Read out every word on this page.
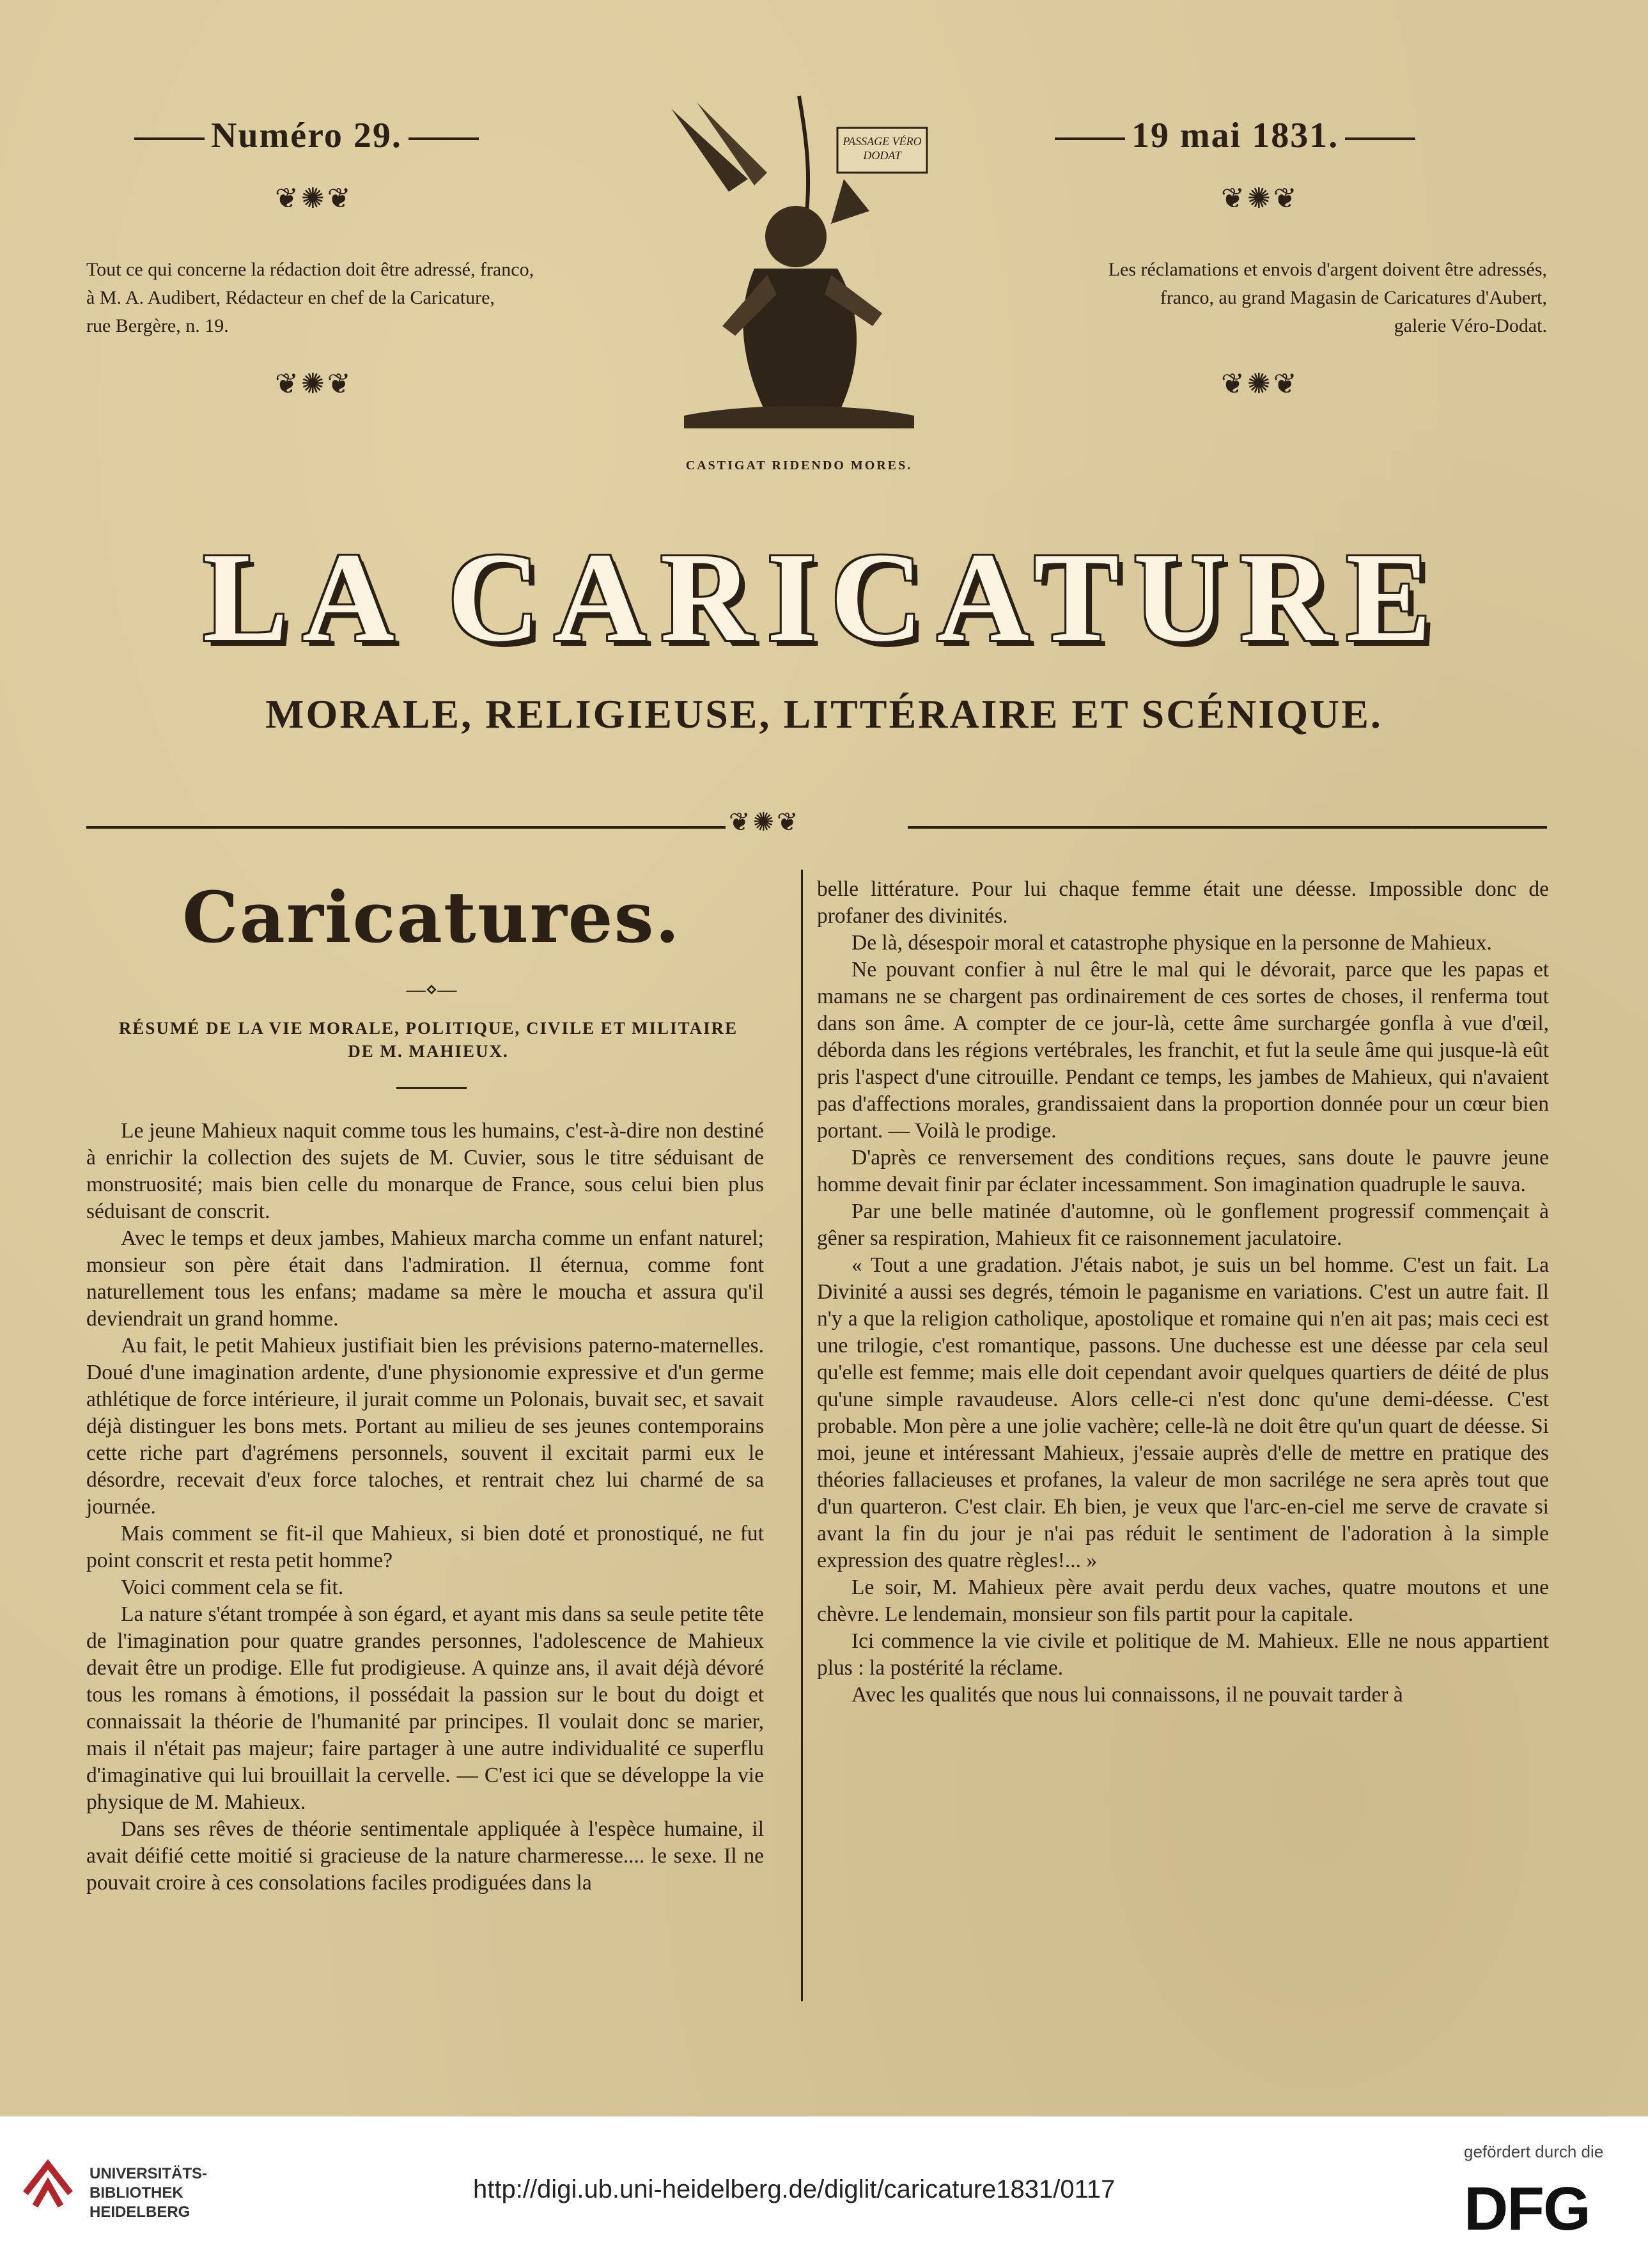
Numéro 29.
❦✺❦
Tout ce qui concerne la rédaction doit être adressé, franco,
à M. A. Audibert, Rédacteur en chef de la Caricature,
rue Bergère, n. 19.
❦✺❦
19 mai 1831.
❦✺❦
Les réclamations et envois d'argent doivent être adressés,
franco, au grand Magasin de Caricatures d'Aubert,
galerie Véro-Dodat.
❦✺❦
PASSAGE VÉRO DODAT
CASTIGAT RIDENDO MORES.
LA CARICATURE
MORALE, RELIGIEUSE, LITTÉRAIRE ET SCÉNIQUE.
❦✺❦
Caricatures.
—⋄—
RÉSUMÉ DE LA VIE MORALE, POLITIQUE, CIVILE ET MILITAIRE
DE M. MAHIEUX.

Le jeune Mahieux naquit comme tous les humains, c'est-à-dire non destiné à enrichir la collection des sujets de M. Cuvier, sous le titre séduisant de monstruosité; mais bien celle du monarque de France, sous celui bien plus séduisant de conscrit.

Avec le temps et deux jambes, Mahieux marcha comme un enfant naturel; monsieur son père était dans l'admiration. Il éternua, comme font naturellement tous les enfans; madame sa mère le moucha et assura qu'il deviendrait un grand homme.

Au fait, le petit Mahieux justifiait bien les prévisions paterno-maternelles. Doué d'une imagination ardente, d'une physionomie expressive et d'un germe athlétique de force intérieure, il jurait comme un Polonais, buvait sec, et savait déjà distinguer les bons mets. Portant au milieu de ses jeunes contemporains cette riche part d'agrémens personnels, souvent il excitait parmi eux le désordre, recevait d'eux force taloches, et rentrait chez lui charmé de sa journée.

Mais comment se fit-il que Mahieux, si bien doté et pronostiqué, ne fut point conscrit et resta petit homme?

Voici comment cela se fit.

La nature s'étant trompée à son égard, et ayant mis dans sa seule petite tête de l'imagination pour quatre grandes personnes, l'adolescence de Mahieux devait être un prodige. Elle fut prodigieuse. A quinze ans, il avait déjà dévoré tous les romans à émotions, il possédait la passion sur le bout du doigt et connaissait la théorie de l'humanité par principes. Il voulait donc se marier, mais il n'était pas majeur; faire partager à une autre individualité ce superflu d'imaginative qui lui brouillait la cervelle. — C'est ici que se développe la vie physique de M. Mahieux.

Dans ses rêves de théorie sentimentale appliquée à l'espèce humaine, il avait déifié cette moitié si gracieuse de la nature charmeresse.... le sexe. Il ne pouvait croire à ces consolations faciles prodiguées dans la

belle littérature. Pour lui chaque femme était une déesse. Impossible donc de profaner des divinités.

De là, désespoir moral et catastrophe physique en la personne de Mahieux.

Ne pouvant confier à nul être le mal qui le dévorait, parce que les papas et mamans ne se chargent pas ordinairement de ces sortes de choses, il renferma tout dans son âme. A compter de ce jour-là, cette âme surchargée gonfla à vue d'œil, déborda dans les régions vertébrales, les franchit, et fut la seule âme qui jusque-là eût pris l'aspect d'une citrouille. Pendant ce temps, les jambes de Mahieux, qui n'avaient pas d'affections morales, grandissaient dans la proportion donnée pour un cœur bien portant. — Voilà le prodige.

D'après ce renversement des conditions reçues, sans doute le pauvre jeune homme devait finir par éclater incessamment. Son imagination quadruple le sauva.

Par une belle matinée d'automne, où le gonflement progressif commençait à gêner sa respiration, Mahieux fit ce raisonnement jaculatoire.

« Tout a une gradation. J'étais nabot, je suis un bel homme. C'est un fait. La Divinité a aussi ses degrés, témoin le paganisme en variations. C'est un autre fait. Il n'y a que la religion catholique, apostolique et romaine qui n'en ait pas; mais ceci est une trilogie, c'est romantique, passons. Une duchesse est une déesse par cela seul qu'elle est femme; mais elle doit cependant avoir quelques quartiers de déité de plus qu'une simple ravaudeuse. Alors celle-ci n'est donc qu'une demi-déesse. C'est probable. Mon père a une jolie vachère; celle-là ne doit être qu'un quart de déesse. Si moi, jeune et intéressant Mahieux, j'essaie auprès d'elle de mettre en pratique des théories fallacieuses et profanes, la valeur de mon sacrilége ne sera après tout que d'un quarteron. C'est clair. Eh bien, je veux que l'arc-en-ciel me serve de cravate si avant la fin du jour je n'ai pas réduit le sentiment de l'adoration à la simple expression des quatre règles!... »

Le soir, M. Mahieux père avait perdu deux vaches, quatre moutons et une chèvre. Le lendemain, monsieur son fils partit pour la capitale.

Ici commence la vie civile et politique de M. Mahieux. Elle ne nous appartient plus : la postérité la réclame.

Avec les qualités que nous lui connaissons, il ne pouvait tarder à

UNIVERSITÄTS-
BIBLIOTHEK
HEIDELBERG
http://digi.ub.uni-heidelberg.de/diglit/caricature1831/0117
gefördert durch die
DFG
